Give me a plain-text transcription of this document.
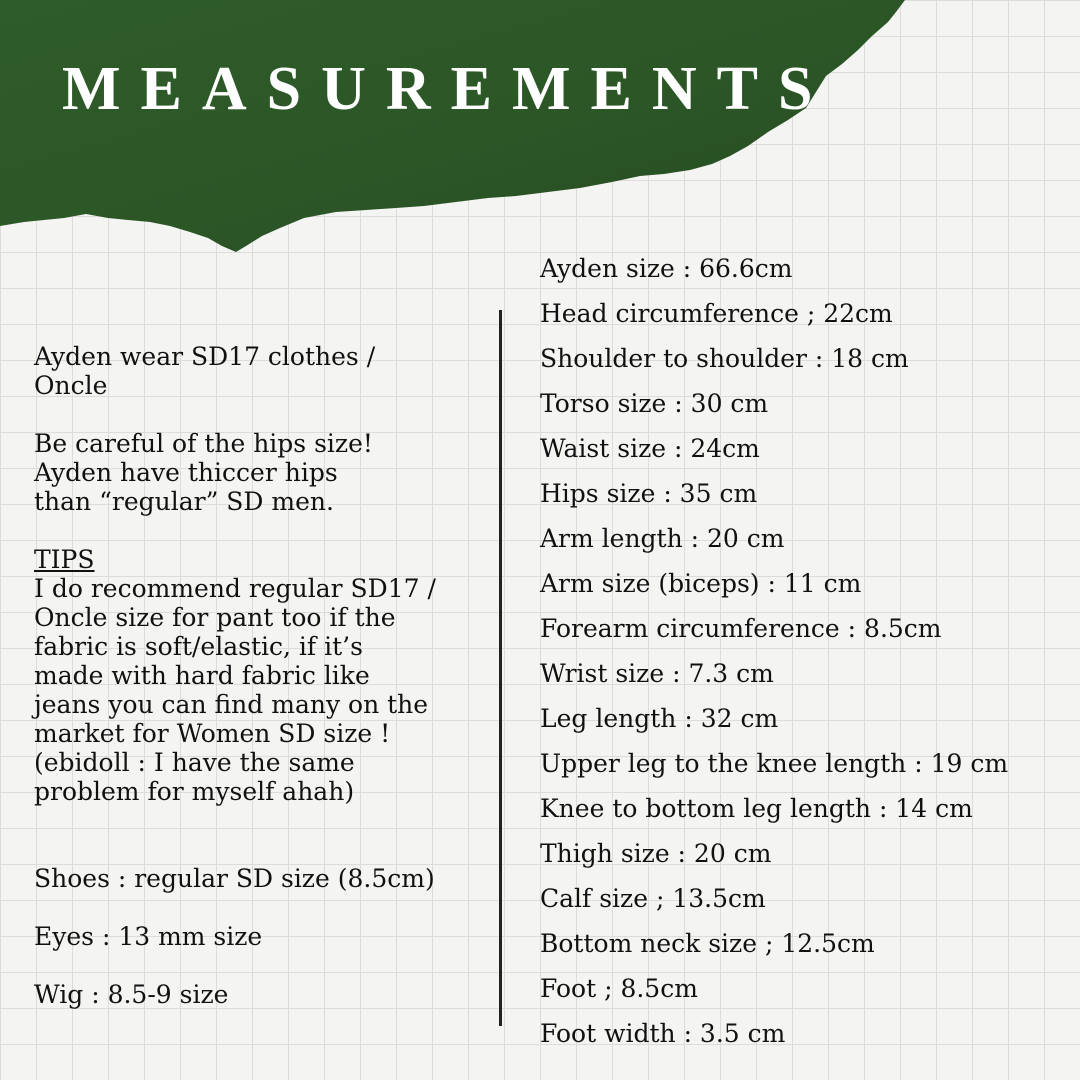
MEASUREMENTS

Ayden wear SD17 clothes /
Oncle

Be careful of the hips size!
Ayden have thiccer hips
than “regular” SD men.

TIPS
I do recommend regular SD17 /
Oncle size for pant too if the
fabric is soft/elastic, if it’s
made with hard fabric like
jeans you can find many on the
market for Women SD size !
(ebidoll : I have the same
problem for myself ahah)

Shoes : regular SD size (8.5cm)

Eyes : 13 mm size

Wig : 8.5-9 size

Ayden size : 66.6cm
Head circumference ; 22cm
Shoulder to shoulder : 18 cm
Torso size : 30 cm
Waist size : 24cm
Hips size : 35 cm
Arm length : 20 cm
Arm size (biceps) : 11 cm
Forearm circumference : 8.5cm
Wrist size : 7.3 cm
Leg length : 32 cm
Upper leg to the knee length : 19 cm
Knee to bottom leg length : 14 cm
Thigh size : 20 cm
Calf size ; 13.5cm
Bottom neck size ; 12.5cm
Foot ; 8.5cm
Foot width : 3.5 cm
